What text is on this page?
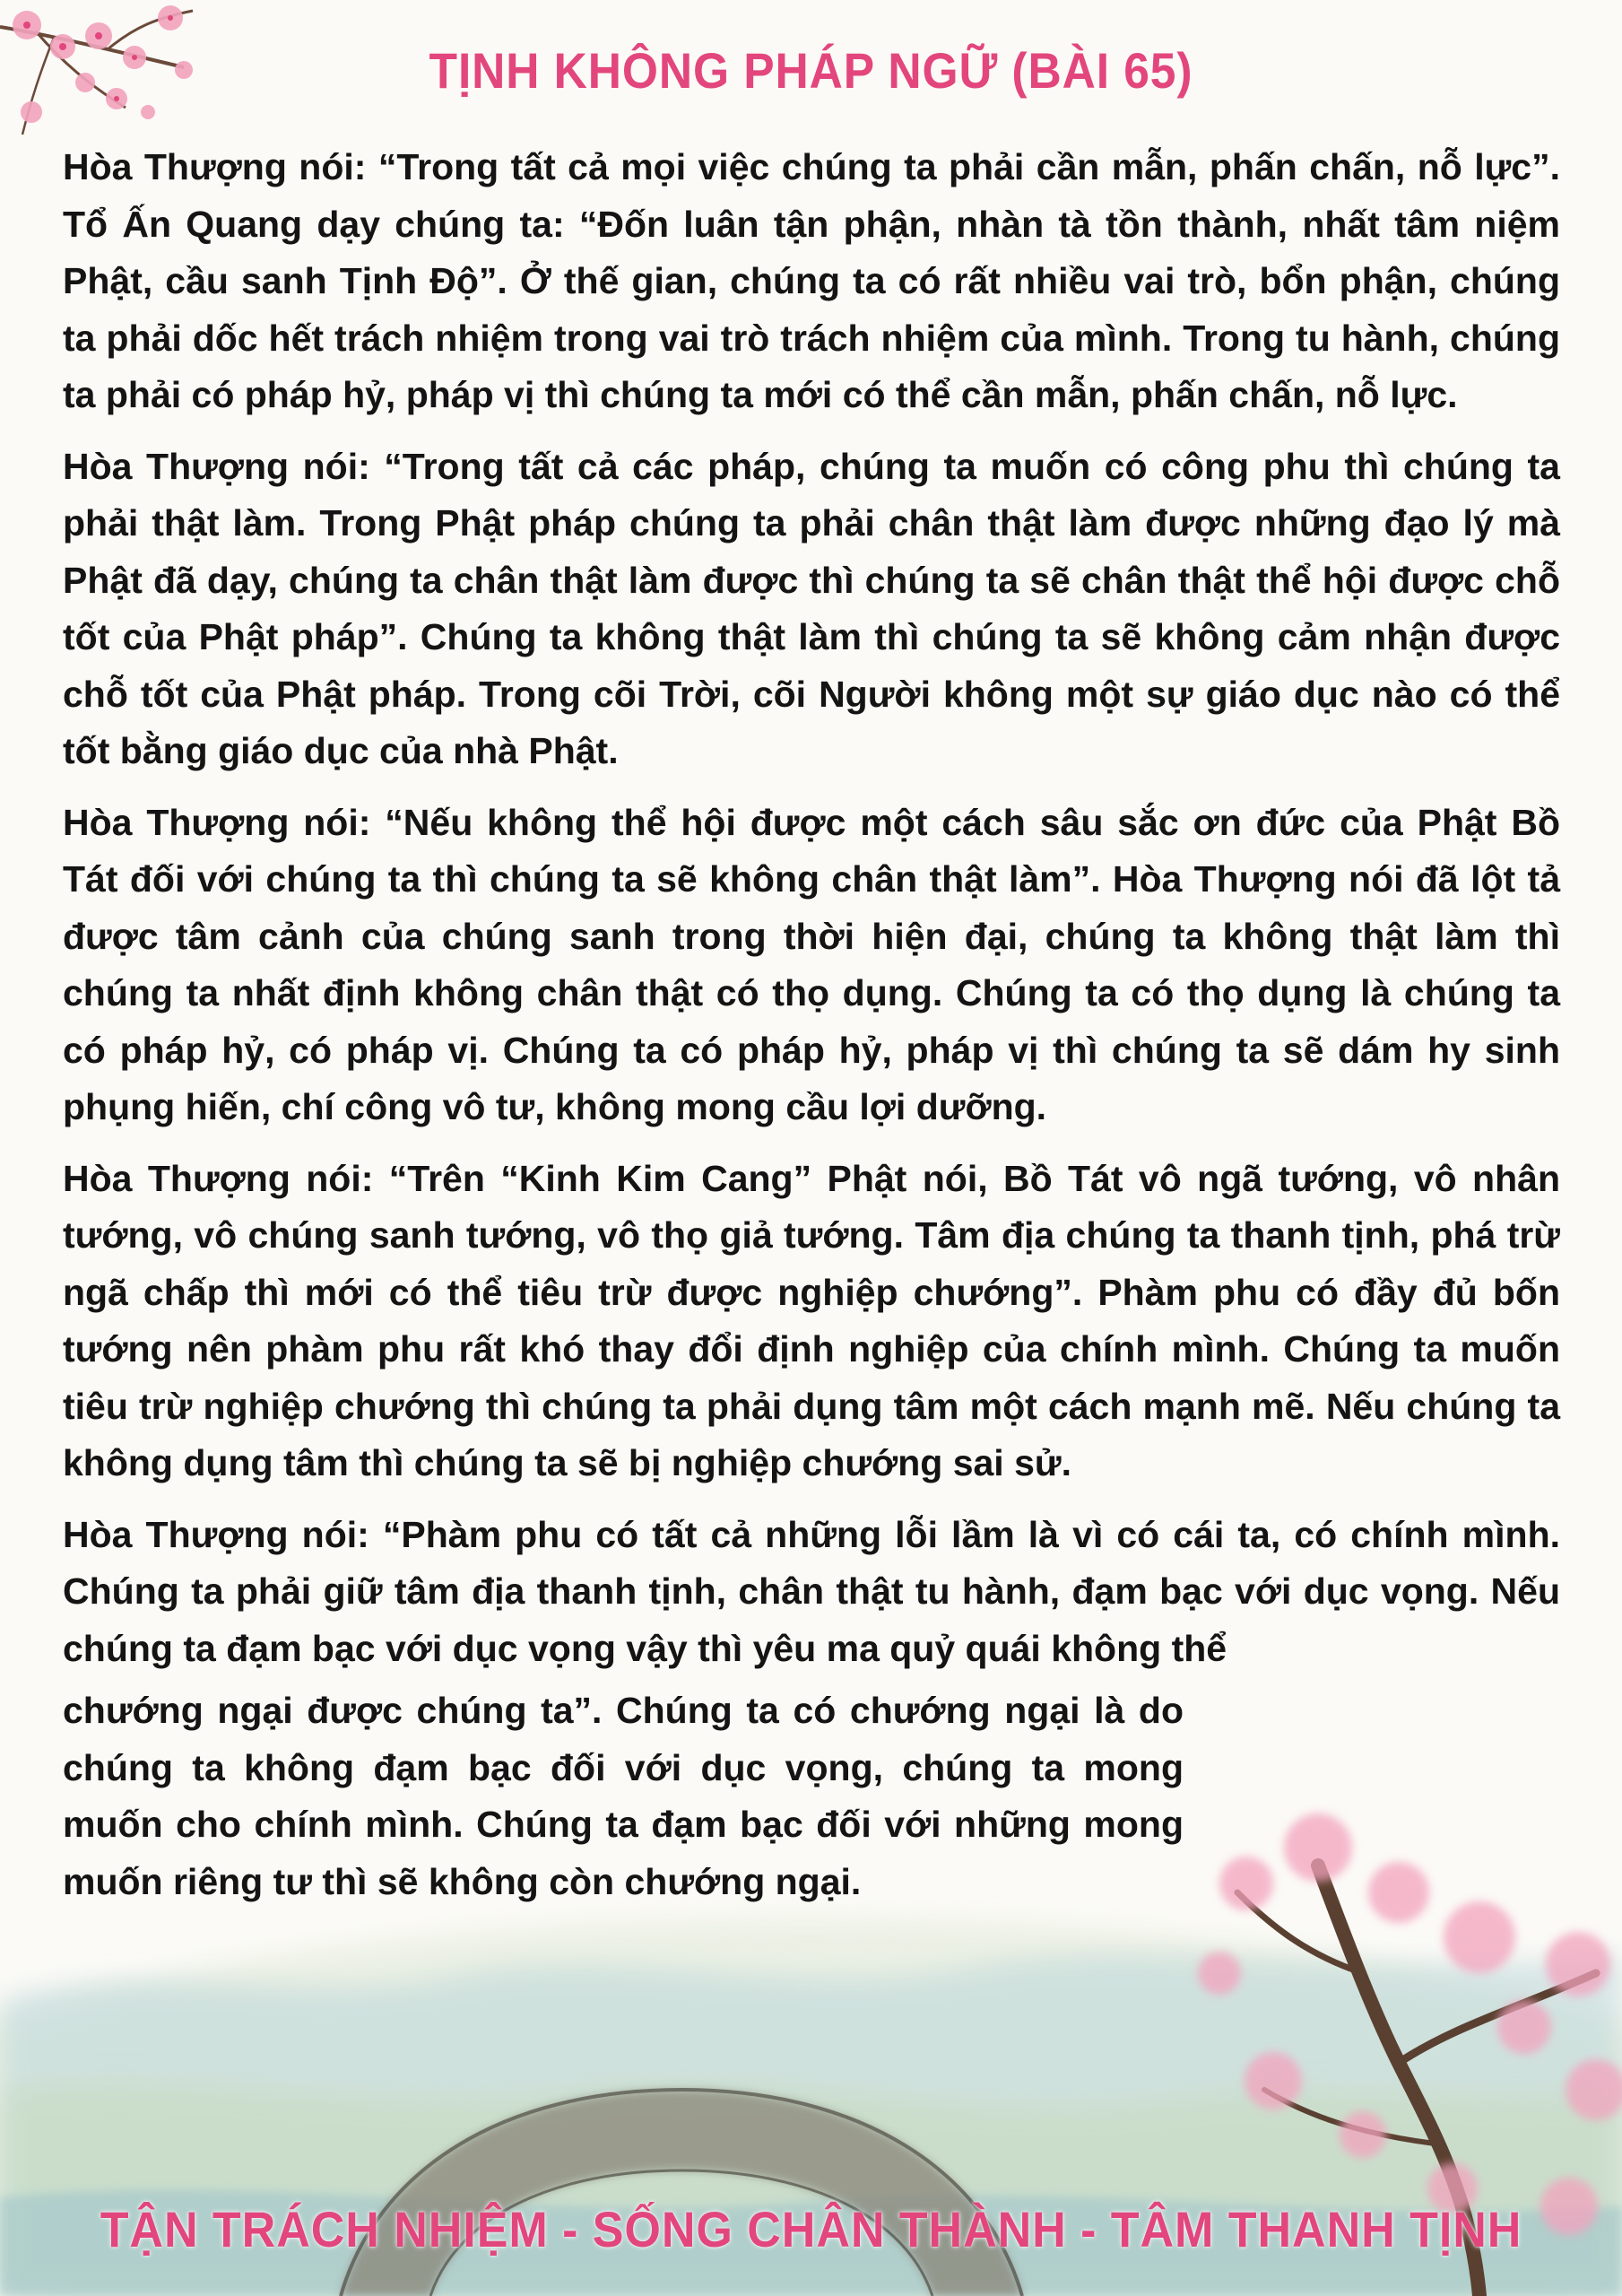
TỊNH KHÔNG PHÁP NGỮ (BÀI 65)

Hòa Thượng nói: “Trong tất cả mọi việc chúng ta phải cần mẫn, phấn chấn, nỗ lực”. Tổ Ấn Quang dạy chúng ta: “Đốn luân tận phận, nhàn tà tồn thành, nhất tâm niệm Phật, cầu sanh Tịnh Độ”. Ở thế gian, chúng ta có rất nhiều vai trò, bổn phận, chúng ta phải dốc hết trách nhiệm trong vai trò trách nhiệm của mình. Trong tu hành, chúng ta phải có pháp hỷ, pháp vị thì chúng ta mới có thể cần mẫn, phấn chấn, nỗ lực.

Hòa Thượng nói: “Trong tất cả các pháp, chúng ta muốn có công phu thì chúng ta phải thật làm. Trong Phật pháp chúng ta phải chân thật làm được những đạo lý mà Phật đã dạy, chúng ta chân thật làm được thì chúng ta sẽ chân thật thể hội được chỗ tốt của Phật pháp”. Chúng ta không thật làm thì chúng ta sẽ không cảm nhận được chỗ tốt của Phật pháp. Trong cõi Trời, cõi Người không một sự giáo dục nào có thể tốt bằng giáo dục của nhà Phật.

Hòa Thượng nói: “Nếu không thể hội được một cách sâu sắc ơn đức của Phật Bồ Tát đối với chúng ta thì chúng ta sẽ không chân thật làm”. Hòa Thượng nói đã lột tả được tâm cảnh của chúng sanh trong thời hiện đại, chúng ta không thật làm thì chúng ta nhất định không chân thật có thọ dụng. Chúng ta có thọ dụng là chúng ta có pháp hỷ, có pháp vị. Chúng ta có pháp hỷ, pháp vị thì chúng ta sẽ dám hy sinh phụng hiến, chí công vô tư, không mong cầu lợi dưỡng.

Hòa Thượng nói: “Trên “Kinh Kim Cang” Phật nói, Bồ Tát vô ngã tướng, vô nhân tướng, vô chúng sanh tướng, vô thọ giả tướng. Tâm địa chúng ta thanh tịnh, phá trừ ngã chấp thì mới có thể tiêu trừ được nghiệp chướng”. Phàm phu có đầy đủ bốn tướng nên phàm phu rất khó thay đổi định nghiệp của chính mình. Chúng ta muốn tiêu trừ nghiệp chướng thì chúng ta phải dụng tâm một cách mạnh mẽ. Nếu chúng ta không dụng tâm thì chúng ta sẽ bị nghiệp chướng sai sử.

Hòa Thượng nói: “Phàm phu có tất cả những lỗi lầm là vì có cái ta, có chính mình. Chúng ta phải giữ tâm địa thanh tịnh, chân thật tu hành, đạm bạc với dục vọng. Nếu chúng ta đạm bạc với dục vọng vậy thì yêu ma quỷ quái không thể
chướng ngại được chúng ta”. Chúng ta có chướng ngại là do chúng ta không đạm bạc đối với dục vọng, chúng ta mong muốn cho chính mình. Chúng ta đạm bạc đối với những mong muốn riêng tư thì sẽ không còn chướng ngại.

TẬN TRÁCH NHIỆM - SỐNG CHÂN THÀNH - TÂM THANH TỊNH
